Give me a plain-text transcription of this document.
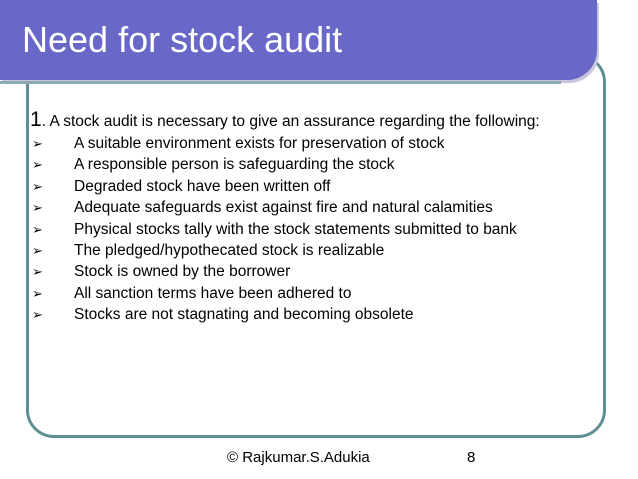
Need for stock audit

1. A stock audit is necessary to give an assurance regarding the following:

➢ A suitable environment exists for preservation of stock
➢ A responsible person is safeguarding the stock
➢ Degraded stock have been written off
➢ Adequate safeguards exist against fire and natural calamities
➢ Physical stocks tally with the stock statements submitted to bank
➢ The pledged/hypothecated stock is realizable
➢ Stock is owned by the borrower
➢ All sanction terms have been adhered to
➢ Stocks are not stagnating and becoming obsolete
© Rajkumar.S.Adukia	8
